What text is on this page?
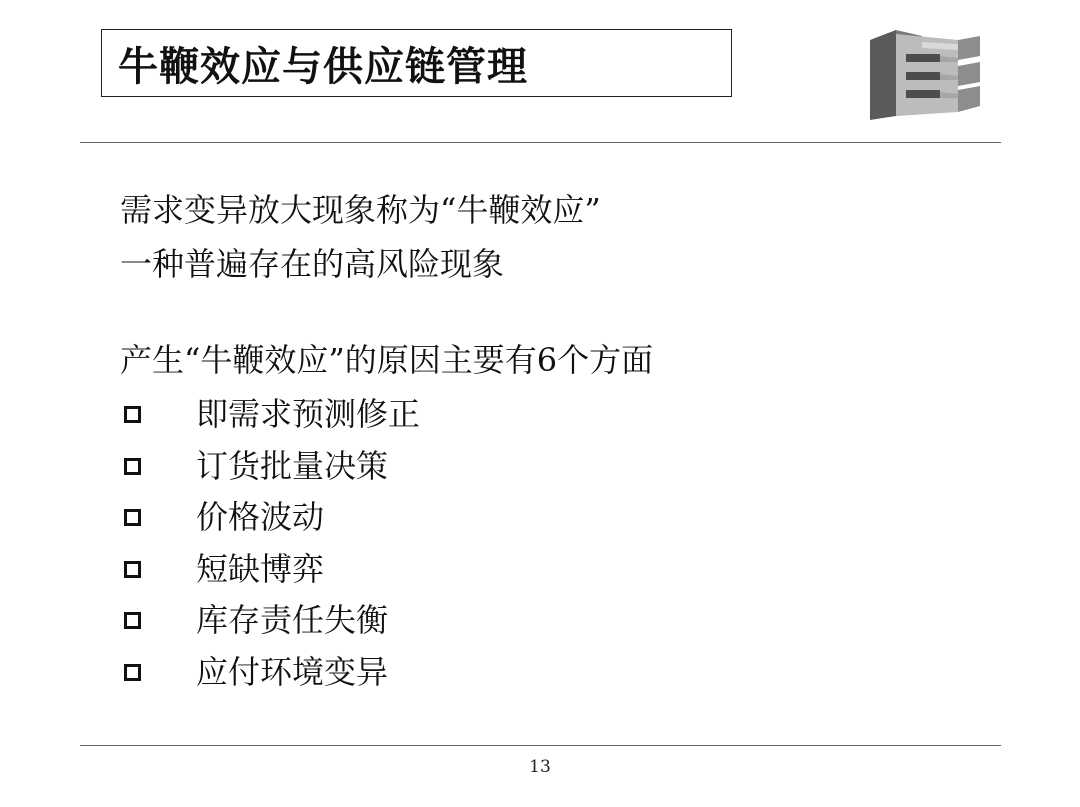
牛鞭效应与供应链管理
需求变异放大现象称为“牛鞭效应”
一种普遍存在的高风险现象
产生“牛鞭效应”的原因主要有6个方面
即需求预测修正
订货批量决策
价格波动
短缺博弈
库存责任失衡
应付环境变异
13
